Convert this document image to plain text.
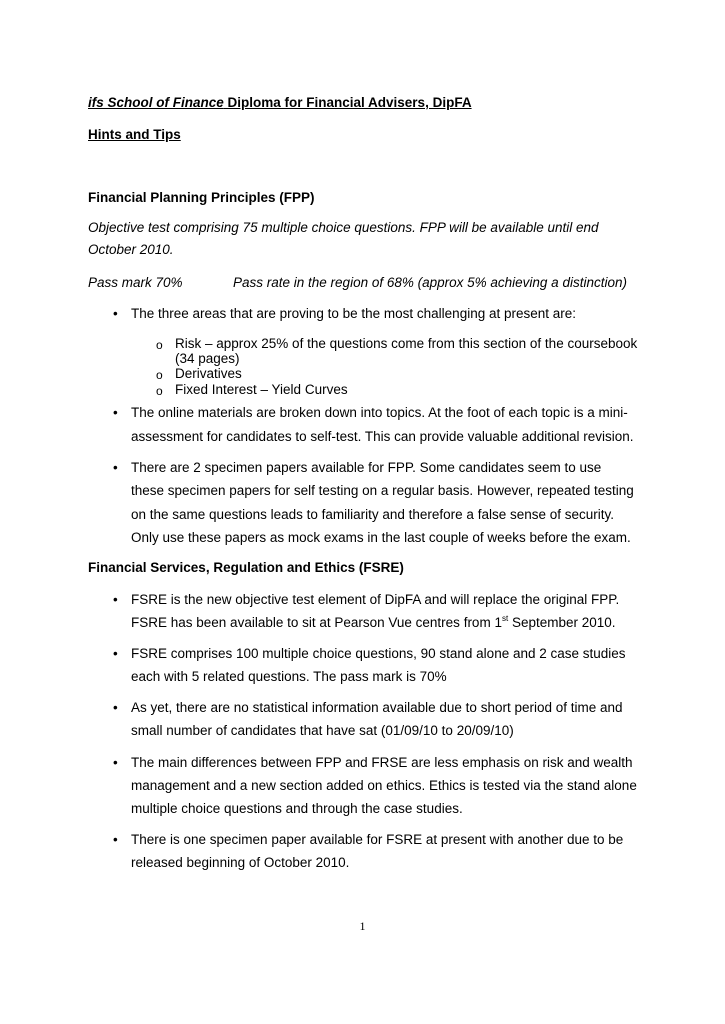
ifs School of Finance Diploma for Financial Advisers, DipFA
Hints and Tips
Financial Planning Principles (FPP)
Objective test comprising 75 multiple choice questions. FPP will be available until end
October 2010.
Pass mark 70%	Pass rate in the region of 68% (approx 5% achieving a distinction)
• The three areas that are proving to be the most challenging at present are:
o Risk – approx 25% of the questions come from this section of the coursebook
(34 pages)
o Derivatives
o Fixed Interest – Yield Curves
• The online materials are broken down into topics. At the foot of each topic is a mini-
assessment for candidates to self-test. This can provide valuable additional revision.
• There are 2 specimen papers available for FPP. Some candidates seem to use
these specimen papers for self testing on a regular basis. However, repeated testing
on the same questions leads to familiarity and therefore a false sense of security.
Only use these papers as mock exams in the last couple of weeks before the exam.
Financial Services, Regulation and Ethics (FSRE)
• FSRE is the new objective test element of DipFA and will replace the original FPP.
FSRE has been available to sit at Pearson Vue centres from 1st September 2010.
• FSRE comprises 100 multiple choice questions, 90 stand alone and 2 case studies
each with 5 related questions. The pass mark is 70%
• As yet, there are no statistical information available due to short period of time and
small number of candidates that have sat (01/09/10 to 20/09/10)
• The main differences between FPP and FRSE are less emphasis on risk and wealth
management and a new section added on ethics. Ethics is tested via the stand alone
multiple choice questions and through the case studies.
• There is one specimen paper available for FSRE at present with another due to be
released beginning of October 2010.
1
